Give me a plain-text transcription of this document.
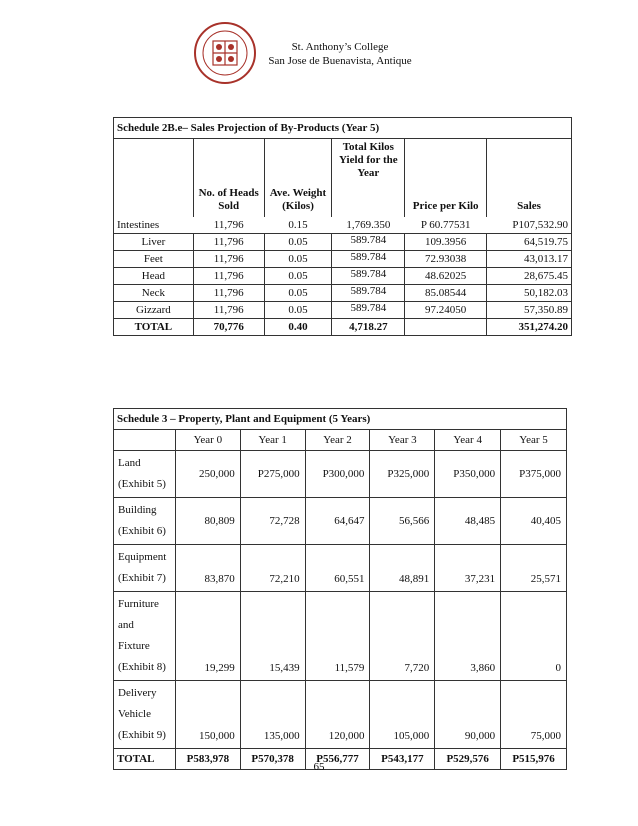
St. Anthony’s College
San Jose de Buenavista, Antique
Schedule 2B.e– Sales Projection of By-Products (Year 5)					
	No. of Heads Sold	Ave. Weight (Kilos)	Total Kilos Yield for the Year	Price per Kilo	Sales
Intestines	11,796	0.15	1,769.350	P 60.77531	P107,532.90
Liver	11,796	0.05	589.784	109.3956	64,519.75
Feet	11,796	0.05	589.784	72.93038	43,013.17
Head	11,796	0.05	589.784	48.62025	28,675.45
Neck	11,796	0.05	589.784	85.08544	50,182.03
Gizzard	11,796	0.05	589.784	97.24050	57,350.89
TOTAL	70,776	0.40	4,718.27		351,274.20
Schedule 3 – Property, Plant and Equipment (5 Years)						
	Year 0	Year 1	Year 2	Year 3	Year 4	Year 5

Land
(Exhibit 5)	250,000	P275,000	P300,000	P325,000	P350,000	P375,000

Building
(Exhibit 6)	80,809	72,728	64,647	56,566	48,485	40,405

Equipment
(Exhibit 7)	83,870	72,210	60,551	48,891	37,231	25,571

Furniture
and
Fixture
(Exhibit 8)	19,299	15,439	11,579	7,720	3,860	0

Delivery
Vehicle
(Exhibit 9)	150,000	135,000	120,000	105,000	90,000	75,000
TOTAL	P583,978	P570,378	P556,777	P543,177	P529,576	P515,976
65
